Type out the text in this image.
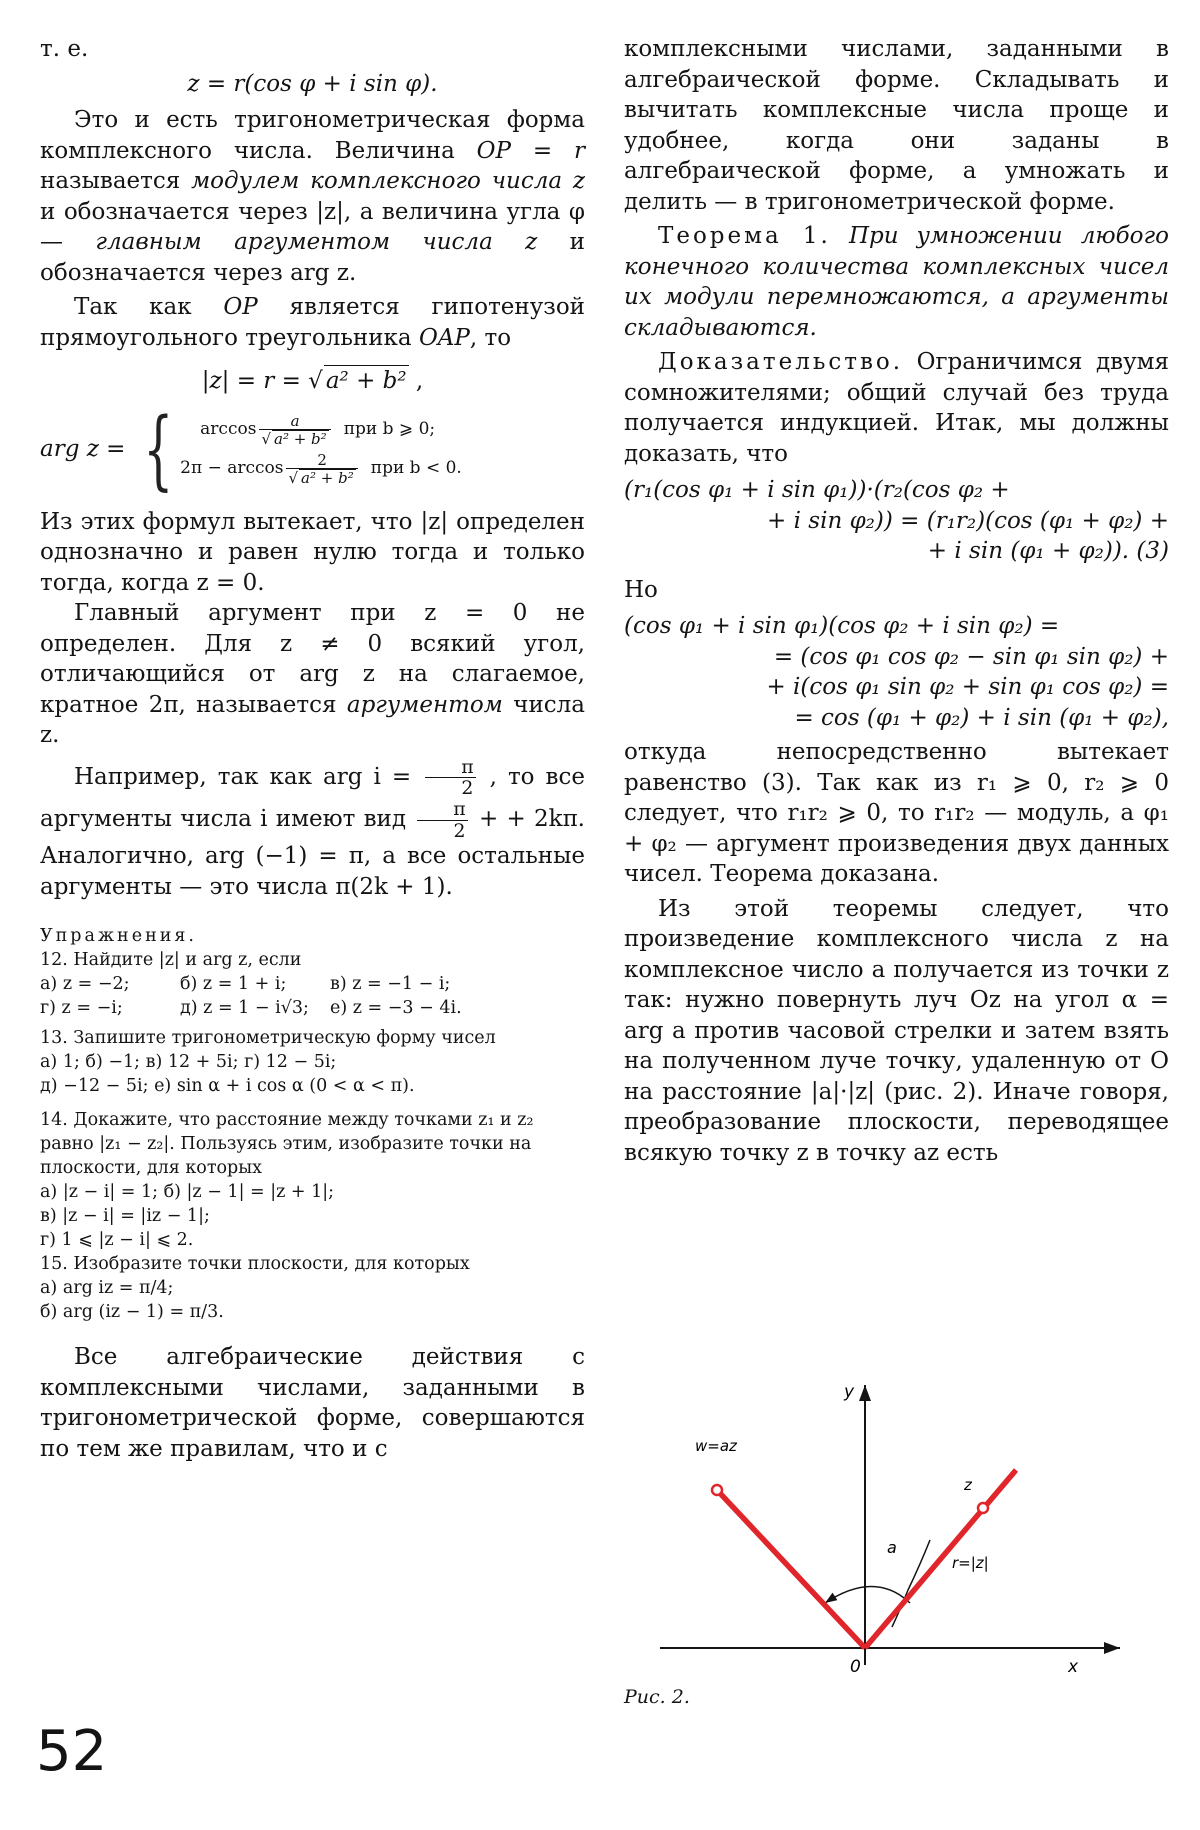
т. е.

z = r(cos φ + i sin φ).

Это и есть тригонометрическая форма комплексного числа. Величина OP = r называется модулем комплексного числа z и обозначается через |z|, а величина угла φ — главным аргументом числа z и обозначается через arg z.

Так как OP является гипотенузой прямоугольного треугольника OAP, то

|z| = r = √ a² + b² ,

arg z = { $\arccos \frac{a}{\text{√ a² + b²}}$ при b ⩾ 0;
$2\pi - \arccos \frac{2}{\text{√ a² + b²}}$ при b < 0.

Из этих формул вытекает, что |z| определен однозначно и равен нулю тогда и только тогда, когда z = 0.

Главный аргумент при z = 0 не определен. Для z ≠ 0 всякий угол, отличающийся от arg z на слагаемое, кратное 2π, называется аргументом числа z.

Например, так как arg $i = \frac{\pi}{2}$ , то все аргументы числа i имеют вид $\frac{\pi}{2}$ + + 2kπ. Аналогично, arg (−1) = π, а все остальные аргументы — это числа π(2k + 1).

Упражнения.

12. Найдите |z| и arg z, если

а) z = −2;	б) z = 1 + i;	в) z = −1 − i;
г) z = −i;	д) z = 1 − i√3;	е) z = −3 − 4i.

13. Запишите тригонометрическую форму чисел

а) 1; б) −1; в) 12 + 5i; г) 12 − 5i;

д) −12 − 5i; е) sin α + i cos α (0 < α < π).

14. Докажите, что расстояние между точками z₁ и z₂ равно |z₁ − z₂|. Пользуясь этим, изобразите точки на плоскости, для которых

а) |z − i| = 1; б) |z − 1| = |z + 1|;

в) |z − i| = |iz − 1|;

г) 1 ⩽ |z − i| ⩽ 2.

15. Изобразите точки плоскости, для которых

а) arg iz = π/4;

б) arg (iz − 1) = π/3.

Все алгебраические действия с комплексными числами, заданными в тригонометрической форме, совершаются по тем же правилам, что и с

комплексными числами, заданными в алгебраической форме. Складывать и вычитать комплексные числа проще и удобнее, когда они заданы в алгебраической форме, а умножать и делить — в тригонометрической форме.

Теорема 1. При умножении любого конечного количества комплексных чисел их модули перемножаются, а аргументы складываются.

Доказательство. Ограничимся двумя сомножителями; общий случай без труда получается индукцией. Итак, мы должны доказать, что

(r₁(cos φ₁ + i sin φ₁))·(r₂(cos φ₂ +

+ i sin φ₂)) = (r₁r₂)(cos (φ₁ + φ₂) +

+ i sin (φ₁ + φ₂)). (3)

Но

(cos φ₁ + i sin φ₁)(cos φ₂ + i sin φ₂) =

= (cos φ₁ cos φ₂ − sin φ₁ sin φ₂) +

+ i(cos φ₁ sin φ₂ + sin φ₁ cos φ₂) =

= cos (φ₁ + φ₂) + i sin (φ₁ + φ₂),

откуда непосредственно вытекает равенство (3). Так как из r₁ ⩾ 0, r₂ ⩾ 0 следует, что r₁r₂ ⩾ 0, то r₁r₂ — модуль, а φ₁ + φ₂ — аргумент произведения двух данных чисел. Теорема доказана.

Из этой теоремы следует, что произведение комплексного числа z на комплексное число a получается из точки z так: нужно повернуть луч Oz на угол α = arg a против часовой стрелки и затем взять на полученном луче точку, удаленную от O на расстояние |a|·|z| (рис. 2). Иначе говоря, преобразование плоскости, переводящее всякую точку z в точку az есть

y
x
0
w=az
z
a
r=|z|
Рис. 2.
52
